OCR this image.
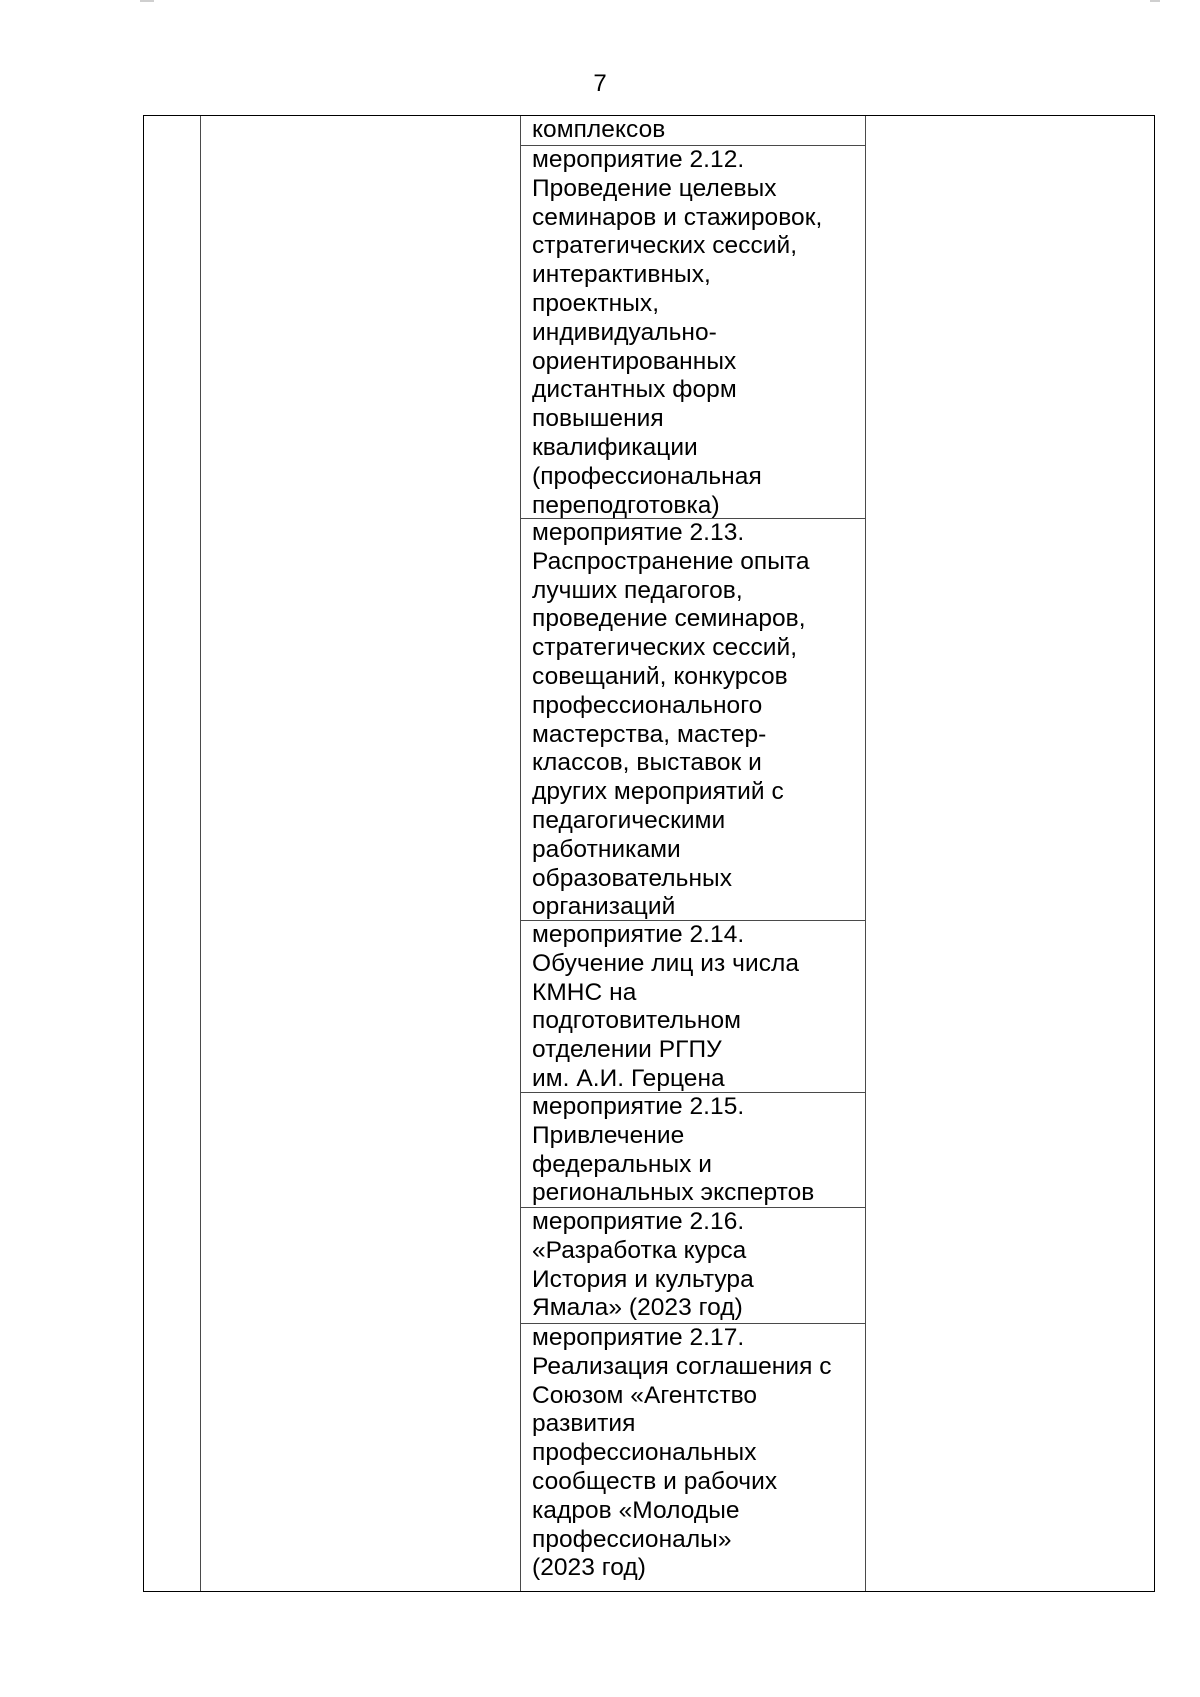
7
комплексов
мероприятие 2.12.
Проведение целевых
семинаров и стажировок,
стратегических сессий,
интерактивных,
проектных,
индивидуально-
ориентированных
дистантных форм
повышения
квалификации
(профессиональная
переподготовка)
мероприятие 2.13.
Распространение опыта
лучших педагогов,
проведение семинаров,
стратегических сессий,
совещаний, конкурсов
профессионального
мастерства, мастер-
классов, выставок и
других мероприятий с
педагогическими
работниками
образовательных
организаций
мероприятие 2.14.
Обучение лиц из числа
КМНС на
подготовительном
отделении РГПУ
им. А.И. Герцена
мероприятие 2.15.
Привлечение
федеральных и
региональных экспертов
мероприятие 2.16.
«Разработка курса
История и культура
Ямала» (2023 год)
мероприятие 2.17.
Реализация соглашения с
Союзом «Агентство
развития
профессиональных
сообществ и рабочих
кадров «Молодые
профессионалы»
(2023 год)
